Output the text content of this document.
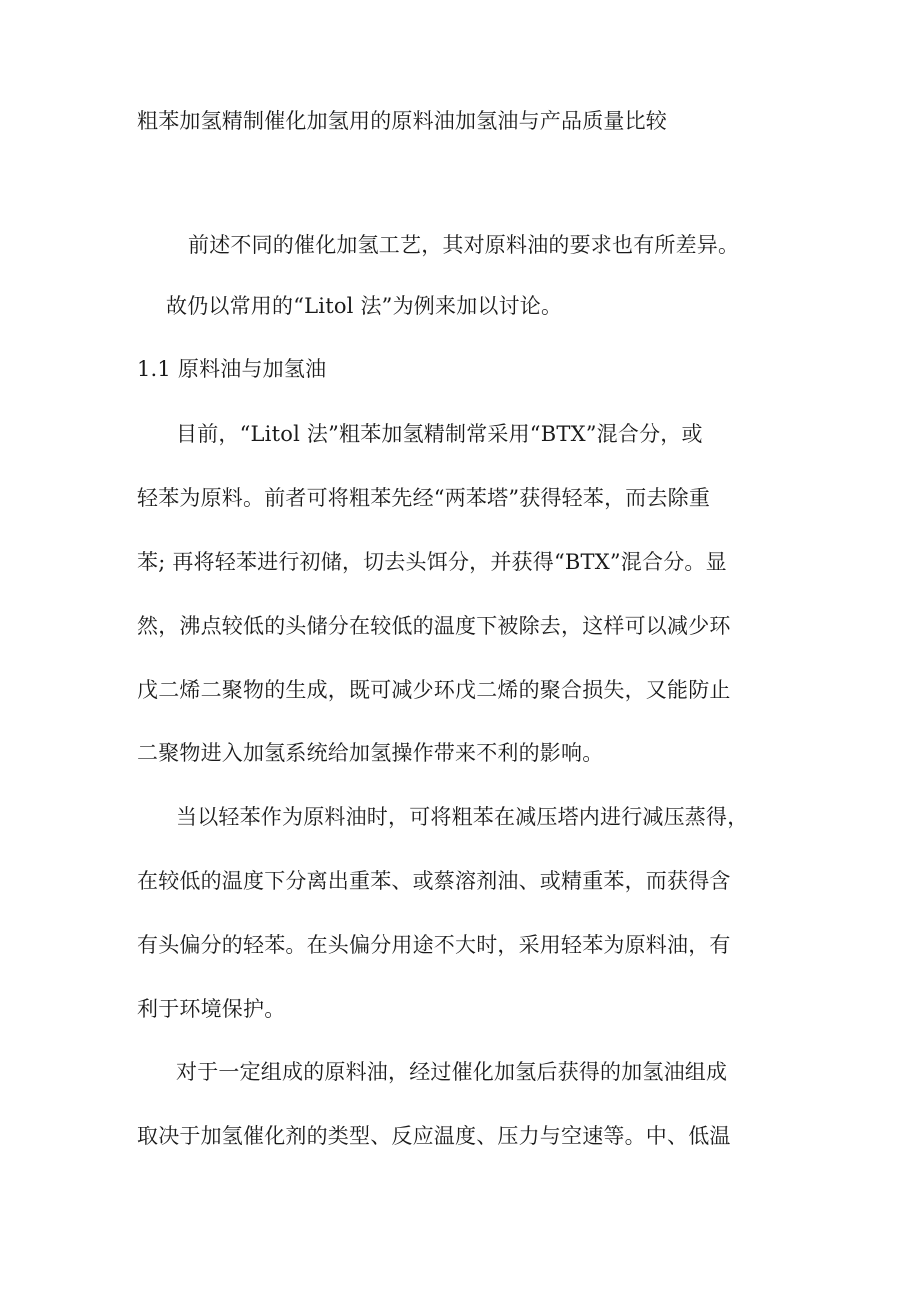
粗苯加氢精制催化加氢用的原料油加氢油与产品质量比较
前述不同的催化加氢工艺，其对原料油的要求也有所差异。
故仍以常用的“Litol 法”为例来加以讨论。
1.1 原料油与加氢油
目前，“Litol 法”粗苯加氢精制常采用“BTX”混合分，或
轻苯为原料。前者可将粗苯先经“两苯塔”获得轻苯，而去除重
苯; 再将轻苯进行初储，切去头饵分，并获得“BTX”混合分。显
然，沸点较低的头储分在较低的温度下被除去，这样可以减少环
戊二烯二聚物的生成，既可减少环戊二烯的聚合损失，又能防止
二聚物进入加氢系统给加氢操作带来不利的影响。
当以轻苯作为原料油时，可将粗苯在减压塔内进行减压蒸得，
在较低的温度下分离出重苯、或蔡溶剂油、或精重苯，而获得含
有头偏分的轻苯。在头偏分用途不大时，采用轻苯为原料油，有
利于环境保护。
对于一定组成的原料油，经过催化加氢后获得的加氢油组成
取决于加氢催化剂的类型、反应温度、压力与空速等。中、低温
